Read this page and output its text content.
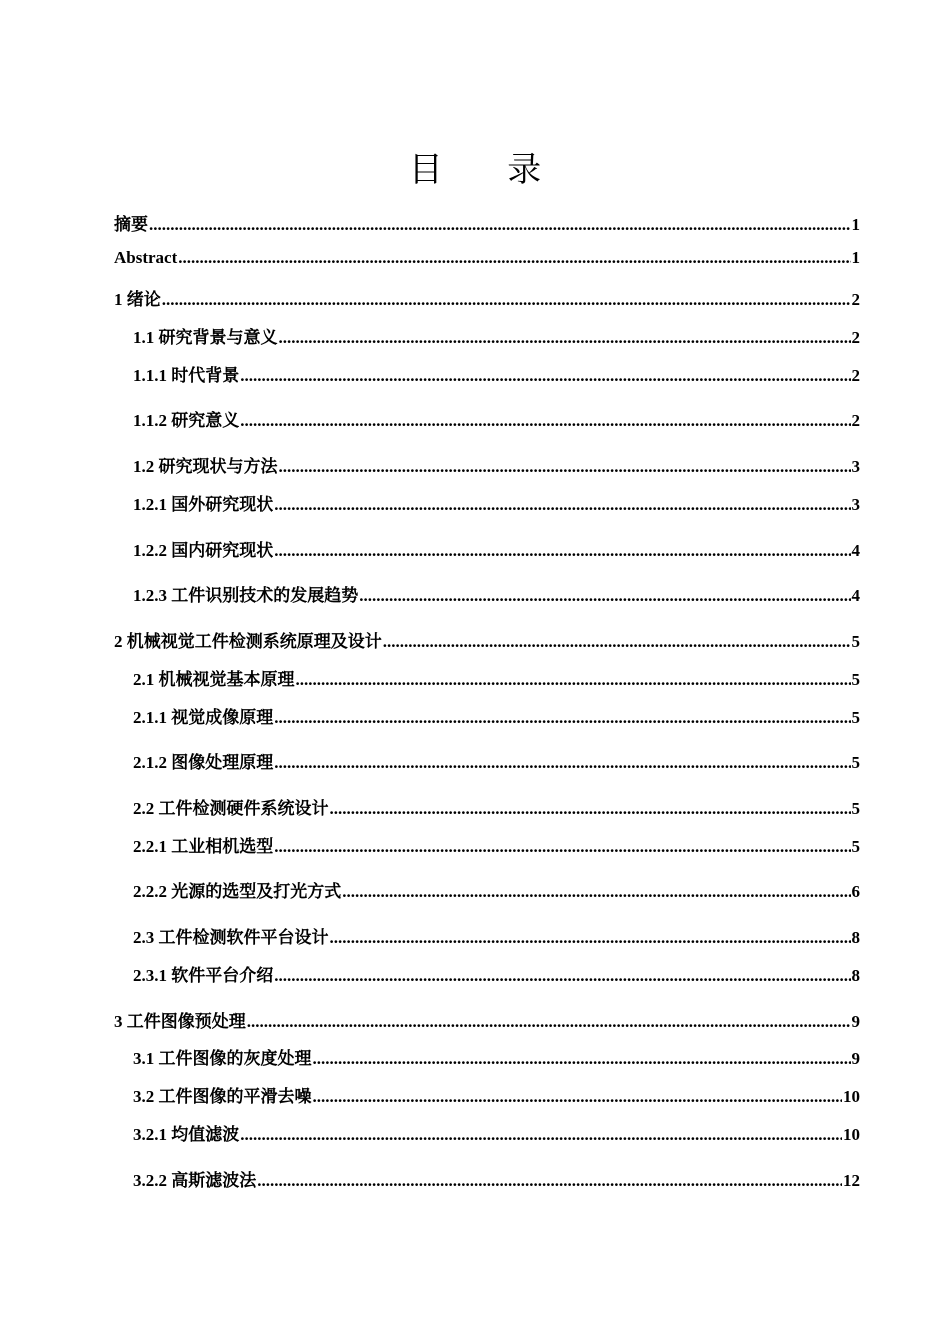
目 录
摘要 .....	1
Abstract .....	1
1 绪论 .....	2
1.1 研究背景与意义 .....	2
1.1.1 时代背景 .....	2
1.1.2 研究意义 .....	2
1.2 研究现状与方法 .....	3
1.2.1 国外研究现状 .....	3
1.2.2 国内研究现状 .....	4
1.2.3 工件识别技术的发展趋势 .....	4
2 机械视觉工件检测系统原理及设计 .....	5
2.1 机械视觉基本原理 .....	5
2.1.1 视觉成像原理 .....	5
2.1.2 图像处理原理 .....	5
2.2 工件检测硬件系统设计 .....	5
2.2.1 工业相机选型 .....	5
2.2.2 光源的选型及打光方式 .....	6
2.3 工件检测软件平台设计 .....	8
2.3.1 软件平台介绍 .....	8
3 工件图像预处理 .....	9
3.1 工件图像的灰度处理 .....	9
3.2 工件图像的平滑去噪 .....	10
3.2.1 均值滤波 .....	10
3.2.2 高斯滤波法 .....	12
